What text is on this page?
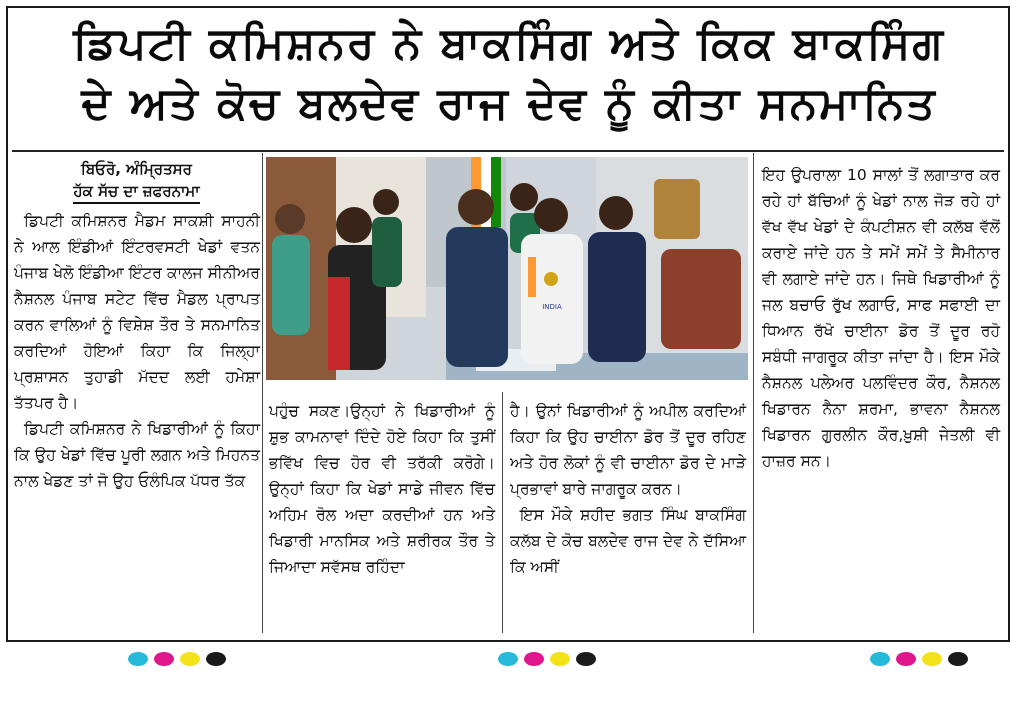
ਡਿਪਟੀ ਕਮਿਸ਼ਨਰ ਨੇ ਬਾਕਸਿੰਗ ਅਤੇ ਕਿਕ ਬਾਕਸਿੰਗ
ਦੇ ਅਤੇ ਕੋਚ ਬਲਦੇਵ ਰਾਜ ਦੇਵ ਨੂੰ ਕੀਤਾ ਸਨਮਾਨਿਤ
ਬਿਓਰੋ, ਅੰਮ੍ਰਿਤਸਰ
ਹੱਕ ਸੱਚ ਦਾ ਜ਼ਫਰਨਾਮਾ

ਡਿਪਟੀ ਕਮਿਸ਼ਨਰ ਮੈਡਮ ਸਾਕਸ਼ੀ ਸਾਹਨੀ ਨੇ ਆਲ ਇੰਡੀਆਂ ਇੰਟਰਵਸਟੀ ਖੇਡਾਂ ਵਤਨ ਪੰਜਾਬ ਖੇਲੋ ਇੰਡੀਆ ਇੰਟਰ ਕਾਲਜ ਸੀਨੀਅਰ ਨੈਸ਼ਨਲ ਪੰਜਾਬ ਸਟੇਟ ਵਿੱਚ ਮੈਡਲ ਪ੍ਰਾਪਤ ਕਰਨ ਵਾਲਿਆਂ ਨੂੰ ਵਿਸ਼ੇਸ਼ ਤੌਰ ਤੇ ਸਨਮਾਨਿਤ ਕਰਦਿਆਂ ਹੋਇਆਂ ਕਿਹਾ ਕਿ ਜਿਲ੍ਹਾ ਪ੍ਰਸ਼ਾਸਨ ਤੁਹਾਡੀ ਮੱਦਦ ਲਈ ਹਮੇਸ਼ਾ ਤੱਤਪਰ ਹੈ।

ਡਿਪਟੀ ਕਮਿਸ਼ਨਰ ਨੇ ਖਿਡਾਰੀਆਂ ਨੂੰ ਕਿਹਾ ਕਿ ਉਹ ਖੇਡਾਂ ਵਿੱਚ ਪੂਰੀ ਲਗਨ ਅਤੇ ਮਿਹਨਤ ਨਾਲ ਖੇਡਣ ਤਾਂ ਜੋ ਉਹ ਓਲੰਪਿਕ ਪੱਧਰ ਤੱਕ

INDIA

ਪਹੁੰਚ ਸਕਣ।ਉਨ੍ਹਾਂ ਨੇ ਖਿਡਾਰੀਆਂ ਨੂੰ ਸ਼ੁਭ ਕਾਮਨਾਵਾਂ ਦਿੰਦੇ ਹੋਏ ਕਿਹਾ ਕਿ ਤੁਸੀਂ ਭਵਿੱਖ ਵਿਚ ਹੋਰ ਵੀ ਤਰੱਕੀ ਕਰੋਗੇ।ਉਨ੍ਹਾਂ ਕਿਹਾ ਕਿ ਖੇਡਾਂ ਸਾਡੇ ਜੀਵਨ ਵਿੱਚ ਅਹਿਮ ਰੋਲ ਅਦਾ ਕਰਦੀਆਂ ਹਨ ਅਤੇ ਖਿਡਾਰੀ ਮਾਨਸਿਕ ਅਤੇ ਸ਼ਰੀਰਕ ਤੌਰ ਤੇ ਜਿਆਦਾ ਸਵੱਸਥ ਰਹਿੰਦਾ

ਹੈ। ਉਨਾਂ ਖਿਡਾਰੀਆਂ ਨੂੰ ਅਪੀਲ ਕਰਦਿਆਂ ਕਿਹਾ ਕਿ ਉਹ ਚਾਈਨਾ ਡੋਰ ਤੋਂ ਦੂਰ ਰਹਿਣ ਅਤੇ ਹੋਰ ਲੋਕਾਂ ਨੂੰ ਵੀ ਚਾਈਨਾ ਡੋਰ ਦੇ ਮਾੜੇ ਪ੍ਰਭਾਵਾਂ ਬਾਰੇ ਜਾਗਰੂਕ ਕਰਨ।

ਇਸ ਮੌਕੇ ਸ਼ਹੀਦ ਭਗਤ ਸਿੰਘ ਬਾਕਸਿੰਗ ਕਲੱਬ ਦੇ ਕੋਚ ਬਲਦੇਵ ਰਾਜ ਦੇਵ ਨੇ ਦੱਸਿਆ ਕਿ ਅਸੀਂ

ਇਹ ਉਪਰਾਲਾ 10 ਸਾਲਾਂ ਤੋਂ ਲਗਾਤਾਰ ਕਰ ਰਹੇ ਹਾਂ ਬੱਚਿਆਂ ਨੂੰ ਖੇਡਾਂ ਨਾਲ ਜੋੜ ਰਹੇ ਹਾਂ ਵੱਖ ਵੱਖ ਖੇਡਾਂ ਦੇ ਕੰਪਟੀਸ਼ਨ ਵੀ ਕਲੱਬ ਵੱਲੋਂ ਕਰਾਏ ਜਾਂਦੇ ਹਨ ਤੇ ਸਮੇਂ ਸਮੇਂ ਤੇ ਸੈਮੀਨਾਰ ਵੀ ਲਗਾਏ ਜਾਂਦੇ ਹਨ। ਜਿਥੇ ਖਿਡਾਰੀਆਂ ਨੂੰ ਜਲ ਬਚਾਓ ਰੁੱਖ ਲਗਾਓ, ਸਾਫ ਸਫਾਈ ਦਾ ਧਿਆਨ ਰੱਖੋ ਚਾਈਨਾ ਡੋਰ ਤੋਂ ਦੂਰ ਰਹੋ ਸਬੰਧੀ ਜਾਗਰੂਕ ਕੀਤਾ ਜਾਂਦਾ ਹੈ। ਇਸ ਮੌਕੇ ਨੈਸ਼ਨਲ ਪਲੇਅਰ ਪਲਵਿੰਦਰ ਕੌਰ, ਨੈਸ਼ਨਲ ਖਿਡਾਰਨ ਨੈਨਾ ਸ਼ਰਮਾ, ਭਾਵਨਾ ਨੈਸ਼ਨਲ ਖਿਡਾਰਨ ਗੁਰਲੀਨ ਕੌਰ,ਖ਼ੁਸ਼ੀ ਜੇਤਲੀ ਵੀ ਹਾਜ਼ਰ ਸਨ।
